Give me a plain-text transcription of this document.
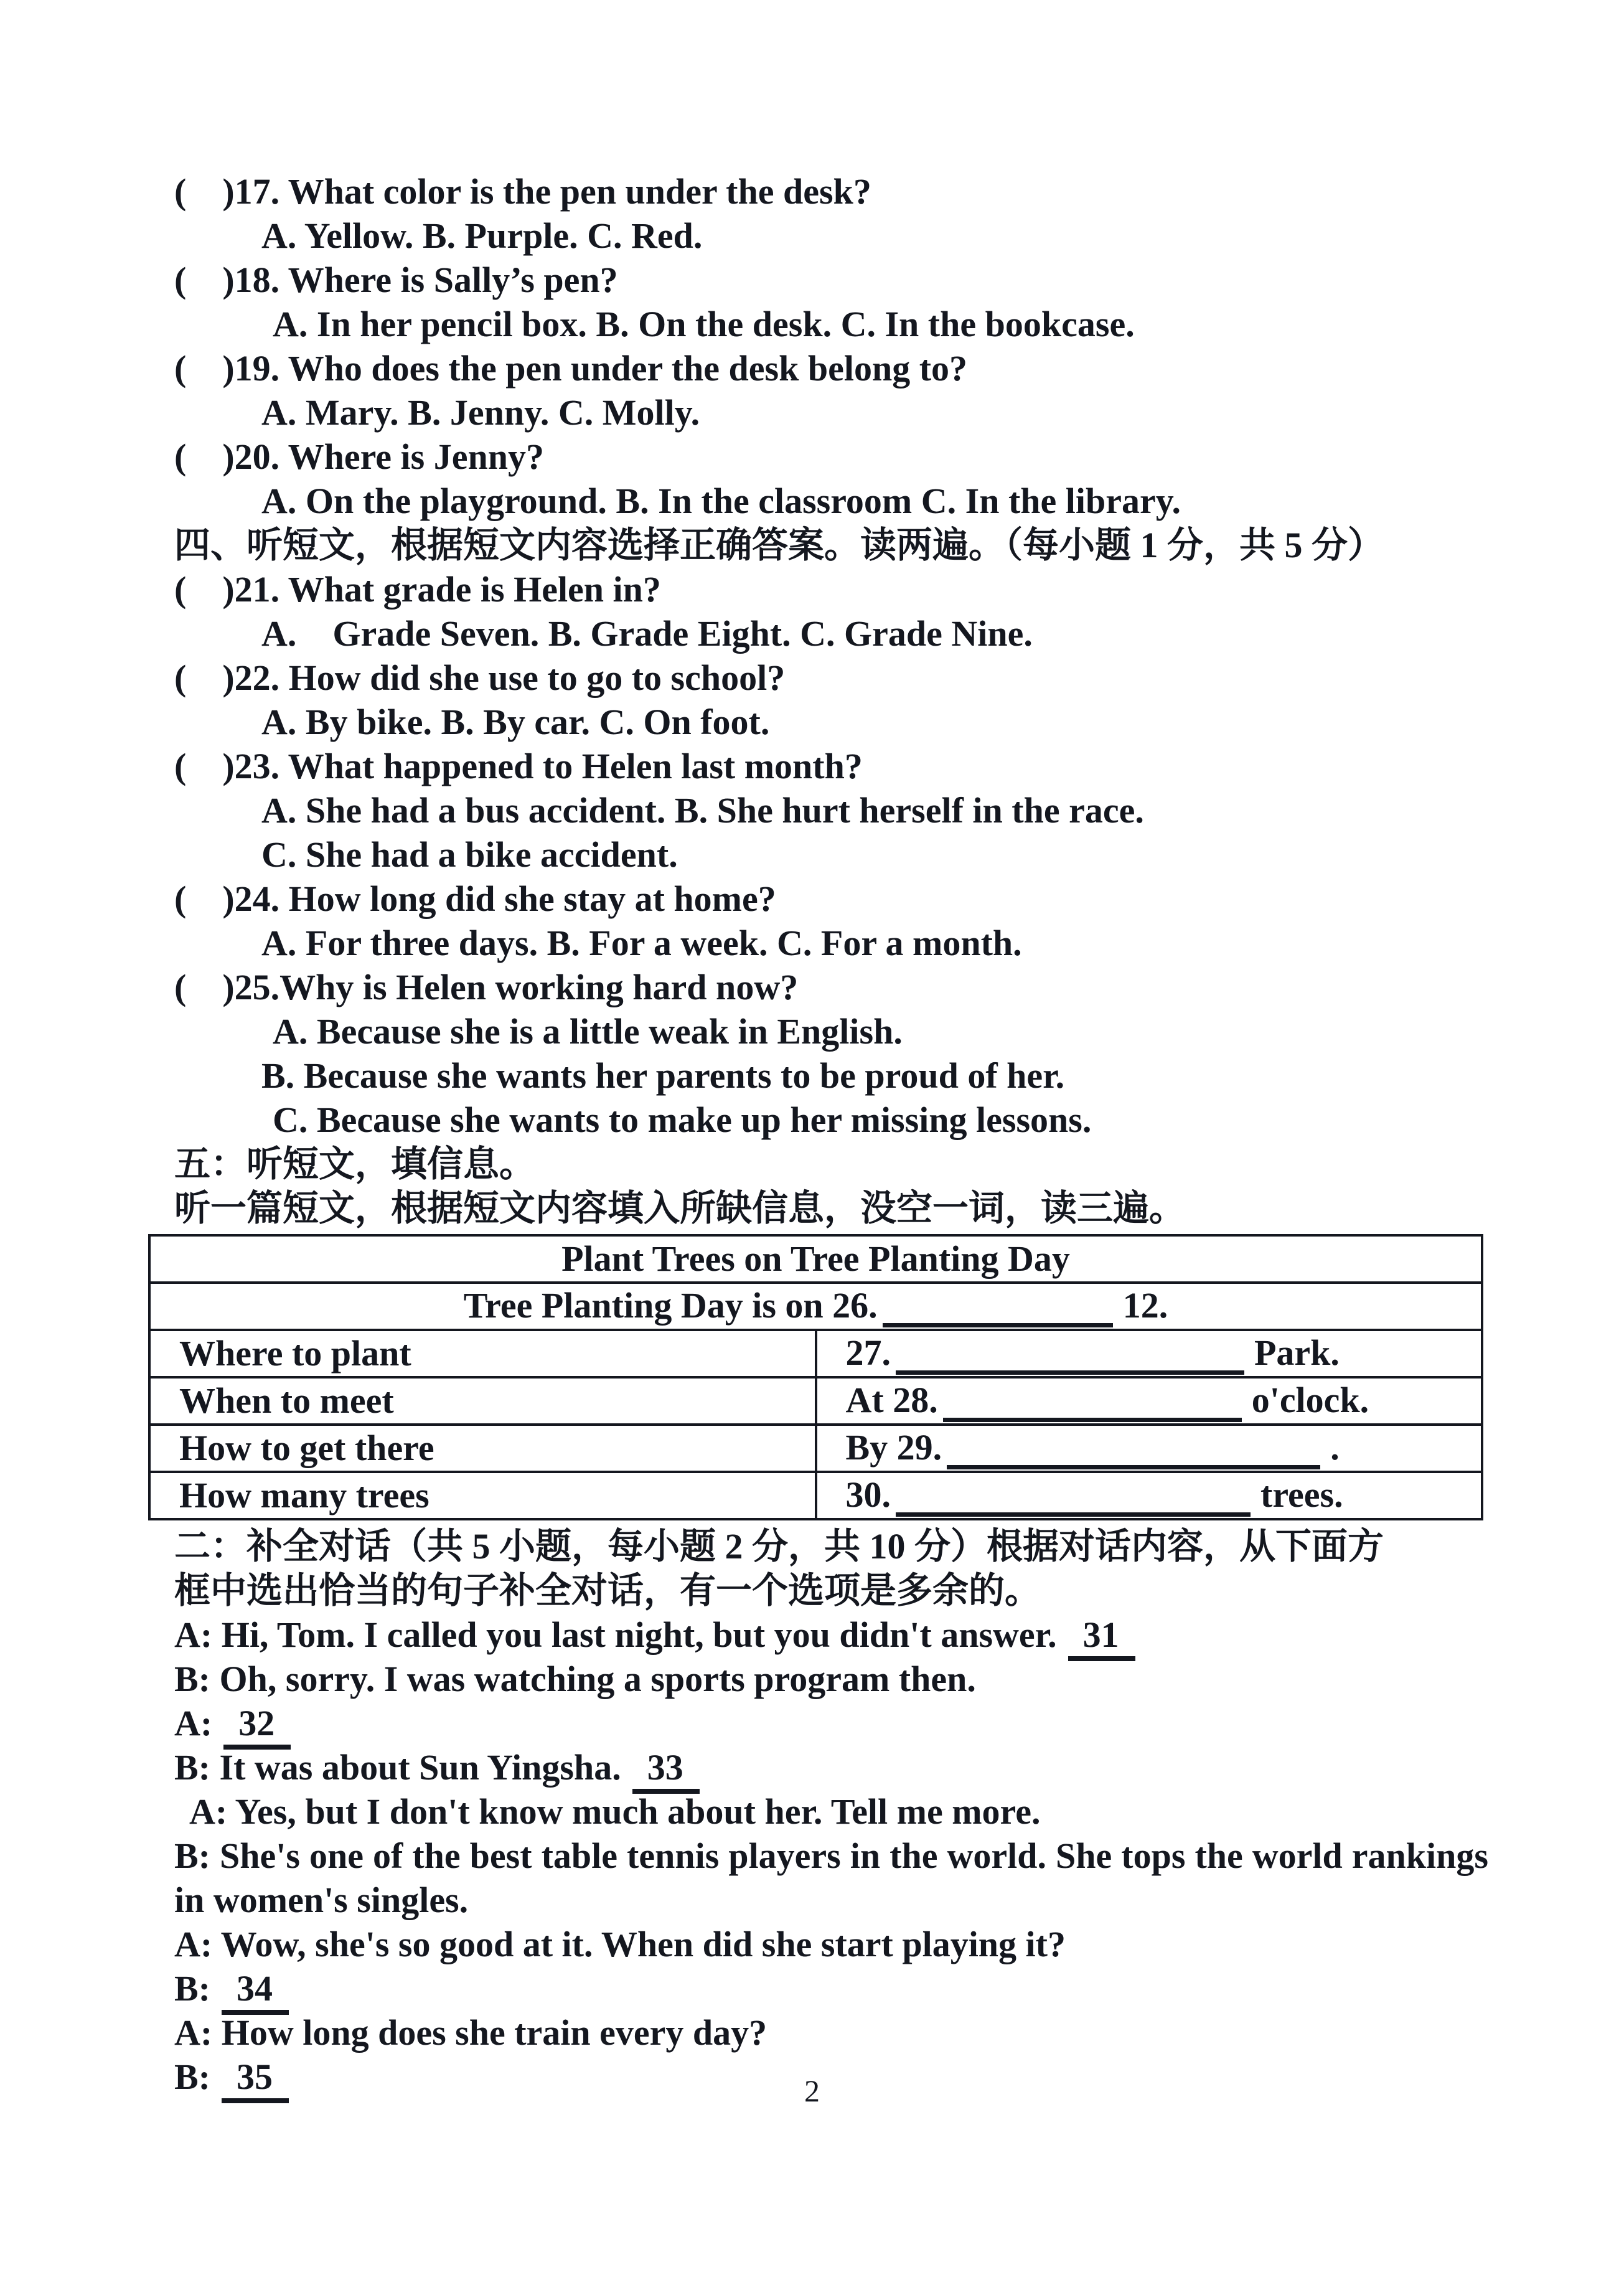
(    )17. What color is the pen under the desk?
A. Yellow. B. Purple. C. Red.
(    )18. Where is Sally’s pen?
A. In her pencil box. B. On the desk. C. In the bookcase.
(    )19. Who does the pen under the desk belong to?
A. Mary. B. Jenny. C. Molly.
(    )20. Where is Jenny?
A. On the playground. B. In the classroom C. In the library.
四、听短文，根据短文内容选择正确答案。读两遍。（每小题 1 分，共 5 分）
(    )21. What grade is Helen in?
A.    Grade Seven. B. Grade Eight. C. Grade Nine.
(    )22. How did she use to go to school?
A. By bike. B. By car. C. On foot.
(    )23. What happened to Helen last month?
A. She had a bus accident. B. She hurt herself in the race.
C. She had a bike accident.
(    )24. How long did she stay at home?
A. For three days. B. For a week. C. For a month.
(    )25.Why is Helen working hard now?
A. Because she is a little weak in English.
B. Because she wants her parents to be proud of her.
C. Because she wants to make up her missing lessons.
五：听短文，填信息。
听一篇短文，根据短文内容填入所缺信息，没空一词，读三遍。
Plant Trees on Tree Planting Day	
Tree Planting Day is on 26. 12.	
Where to plant	27. Park.
When to meet	At 28. o'clock.
How to get there	By 29. .
How many trees	30. trees.
二：补全对话（共 5 小题，每小题 2 分，共 10 分）根据对话内容，从下面方
框中选出恰当的句子补全对话，有一个选项是多余的。
A: Hi, Tom. I called you last night, but you didn't answer. 31
B: Oh, sorry. I was watching a sports program then.
A: 32
B: It was about Sun Yingsha. 33
A: Yes, but I don't know much about her. Tell me more.
B: She's one of the best table tennis players in the world. She tops the world rankings in women's singles.
A: Wow, she's so good at it. When did she start playing it?
B: 34
A: How long does she train every day?
B: 35	2
